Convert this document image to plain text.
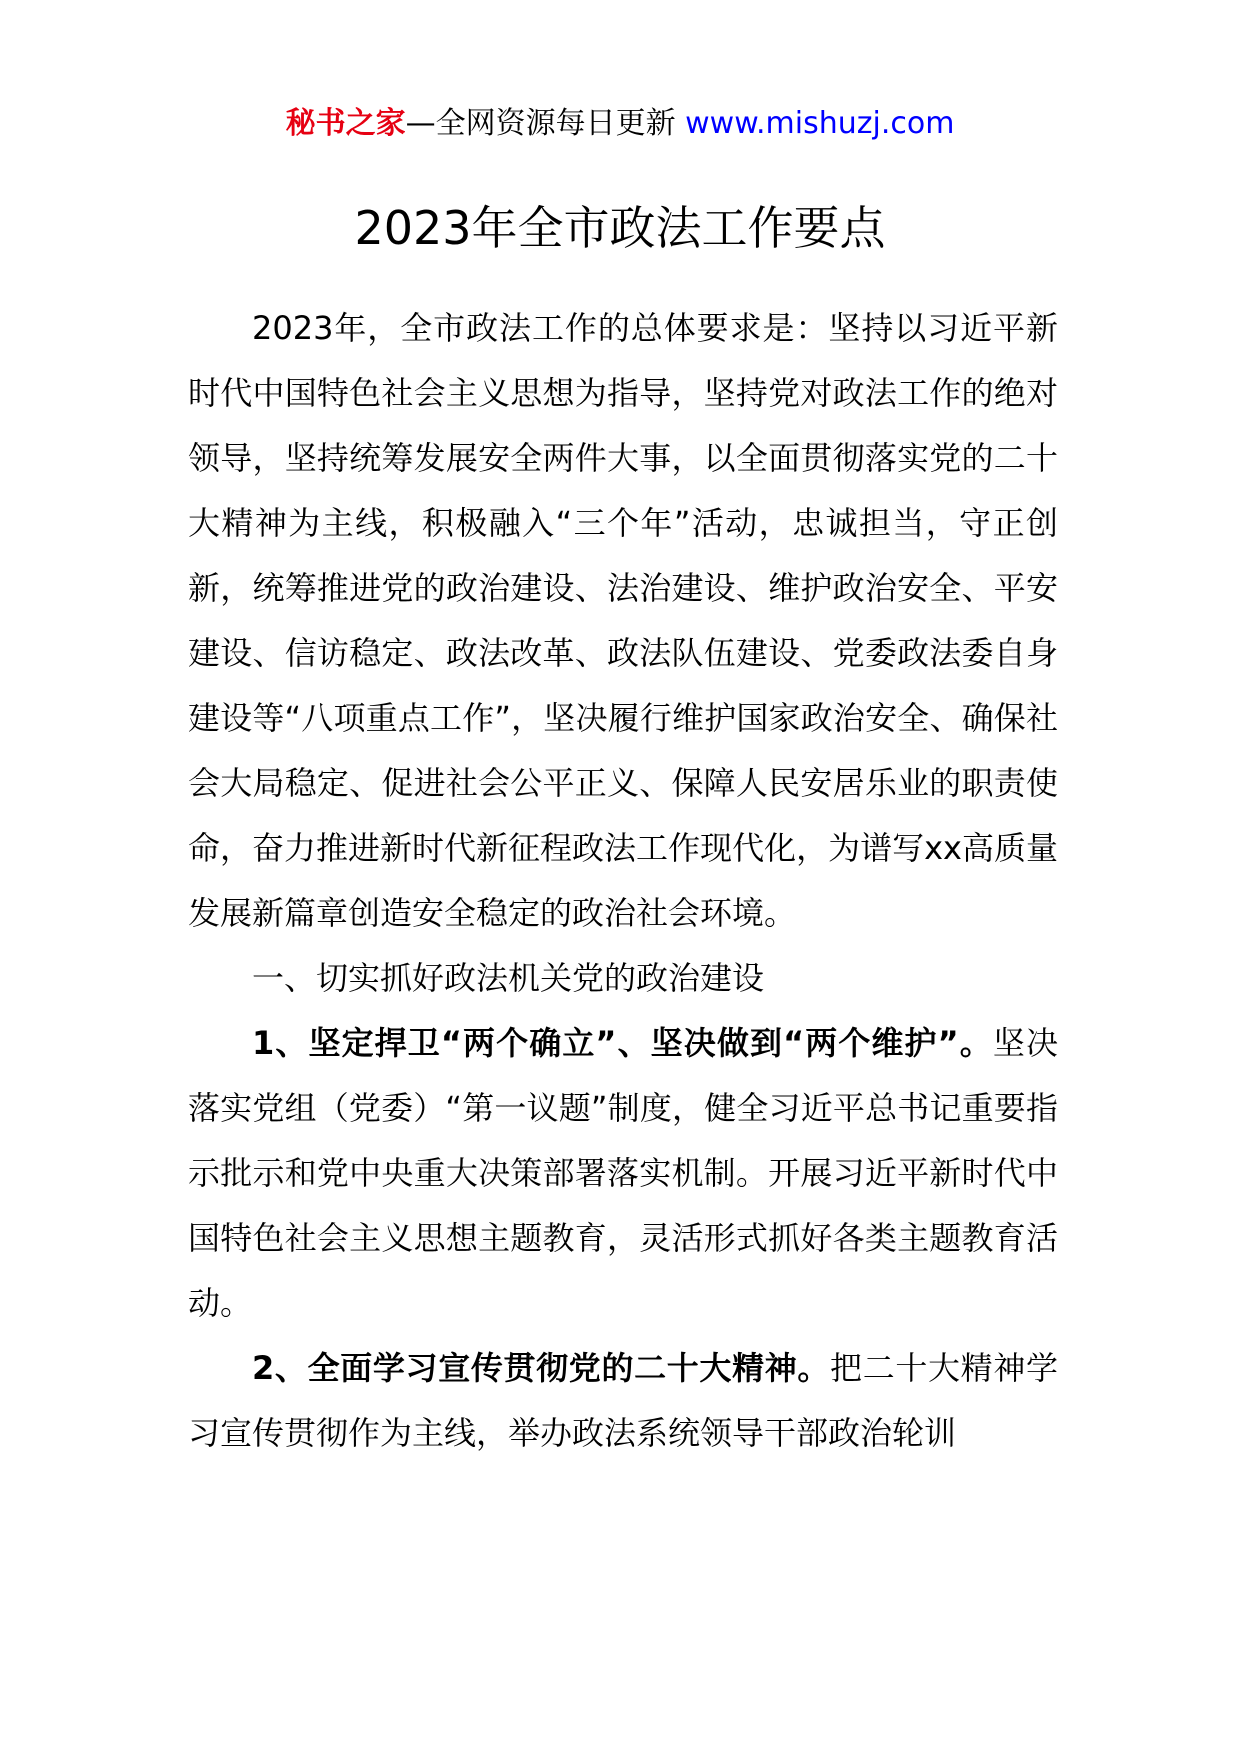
秘书之家—全网资源每日更新 www.mishuzj.com
2023年全市政法工作要点

2023年，全市政法工作的总体要求是：坚持以习近平新时代中国特色社会主义思想为指导，坚持党对政法工作的绝对领导，坚持统筹发展安全两件大事，以全面贯彻落实党的二十大精神为主线，积极融入“三个年”活动，忠诚担当，守正创新，统筹推进党的政治建设、法治建设、维护政治安全、平安建设、信访稳定、政法改革、政法队伍建设、党委政法委自身建设等“八项重点工作”，坚决履行维护国家政治安全、确保社会大局稳定、促进社会公平正义、保障人民安居乐业的职责使命，奋力推进新时代新征程政法工作现代化，为谱写xx高质量发展新篇章创造安全稳定的政治社会环境。

一、切实抓好政法机关党的政治建设

1、坚定捍卫“两个确立”、坚决做到“两个维护”。坚决落实党组（党委）“第一议题”制度，健全习近平总书记重要指示批示和党中央重大决策部署落实机制。开展习近平新时代中国特色社会主义思想主题教育，灵活形式抓好各类主题教育活动。

2、全面学习宣传贯彻党的二十大精神。把二十大精神学习宣传贯彻作为主线，举办政法系统领导干部政治轮训
